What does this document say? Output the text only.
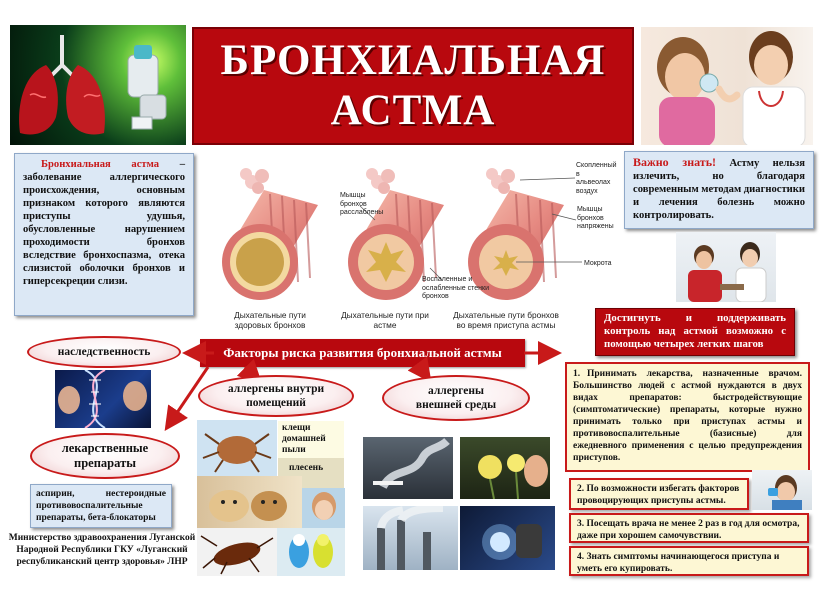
БРОНХИАЛЬНАЯ
АСТМА
Бронхиальная астма – заболевание аллергического происхождения, основным признаком которого являются приступы удушья, обусловленные нарушением проходимости бронхов вследствие бронхоспазма, отека слизистой оболочки бронхов и гиперсекреции слизи.
Дыхательные пути здоровых бронхов
Дыхательные пути при астме
Дыхательные пути бронхов во время приступа астмы
Мышцы бронхов расслаблены
Воспаленные и ослабленные стенки бронхов
Скопленный в альвеолах воздух
Мышцы бронхов напряжены
Мокрота
Важно знать! Астму нельзя излечить, но благодаря современным методам диагностики и лечения болезнь можно контролировать.
Достигнуть и поддерживать контроль над астмой возможно с помощью четырех легких шагов
Факторы риска развития бронхиальной астмы
наследственность
аллергены внутри помещений
аллергены внешней среды
лекарственные препараты
клещи домашней пыли
плесень
1. Принимать лекарства, назначенные врачом. Большинство людей с астмой нуждаются в двух видах препаратов: быстродействующие (симптоматические) препараты, которые нужно принимать только при приступах астмы и противовоспалительные (базисные) для ежедневного применения с целью предупреждения приступов.
2. По возможности избегать факторов провоцирующих приступы астмы.
3. Посещать врача не менее 2 раз в год для осмотра, даже при хорошем самочувствии.
4. Знать симптомы начинающегося приступа и уметь его купировать.
аспирин, нестероидные противовоспалительные препараты, бета-блокаторы
Министерство здравоохранения Луганской Народной Республики ГКУ «Луганский республиканский центр здоровья» ЛНР
